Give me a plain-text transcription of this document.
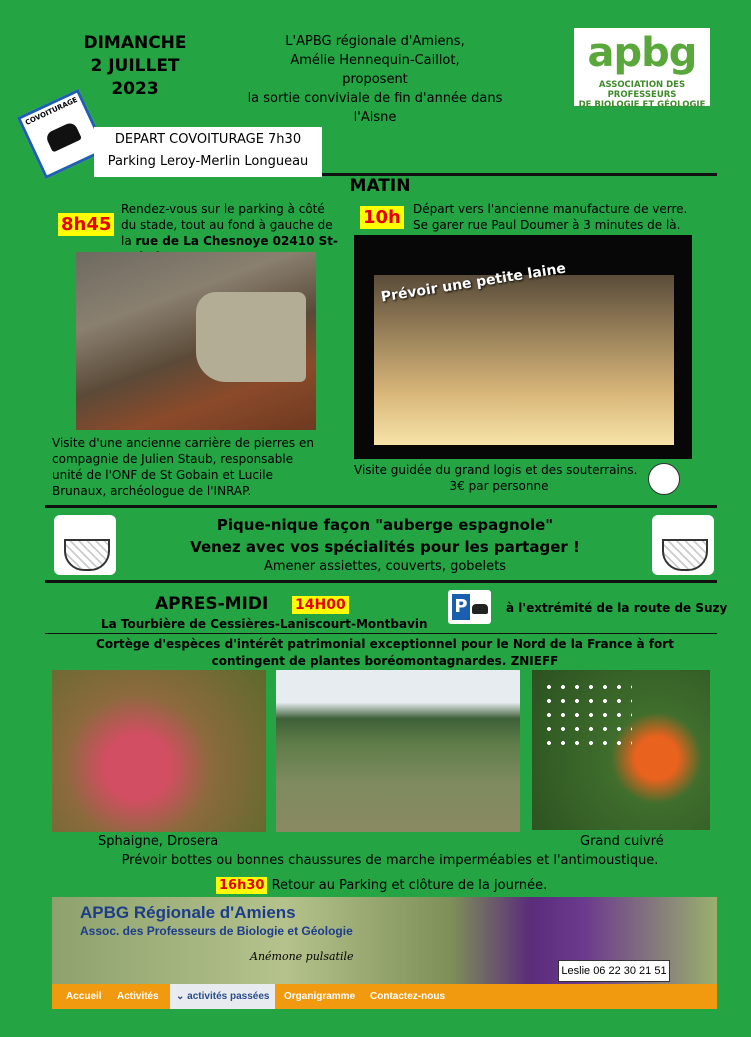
DIMANCHE
2 JUILLET
2023
L'APBG régionale d'Amiens,
Amélie Hennequin-Caillot,
proposent
la sortie conviviale de fin d'année dans
l'Aisne
apbg
ASSOCIATION DES PROFESSEURS
DE BIOLOGIE ET GÉOLOGIE
COVOITURAGE
DEPART COVOITURAGE 7h30
Parking Leroy-Merlin Longueau
MATIN
8h45
Rendez-vous sur le parking à côté du stade, tout au fond à gauche de la rue de La Chesnoye 02410 St-
Visite d'une ancienne carrière de pierres en compagnie de Julien Staub, responsable unité de l'ONF de St Gobain et Lucile Brunaux, archéologue de l'INRAP.
10h Départ vers l'ancienne manufacture de verre. Se garer rue Paul Doumer à 3 minutes de là.
Prévoir une petite laine
Visite guidée du grand logis et des souterrains.
3€ par personne
Pique-nique façon "auberge espagnole"
Venez avec vos spécialités pour les partager !
Amener assiettes, couverts, gobelets
APRES-MIDI 14H00
La Tourbière de Cessières-Laniscourt-Montbavin
P	à l'extrémité de la route de Suzy
Cortège d'espèces d'intérêt patrimonial exceptionnel pour le Nord de la France à fort contingent de plantes boréomontagnardes. ZNIEFF
Sphaigne, Drosera	Grand cuivré
Prévoir bottes ou bonnes chaussures de marche imperméables et l'antimoustique.
16h30 Retour au Parking et clôture de la journée.
APBG Régionale d'Amiens
Assoc. des Professeurs de Biologie et Géologie
Anémone pulsatile
Leslie 06 22 30 21 51
Accueil Activités	⌄ activités passées	Organigramme Contactez-nous
